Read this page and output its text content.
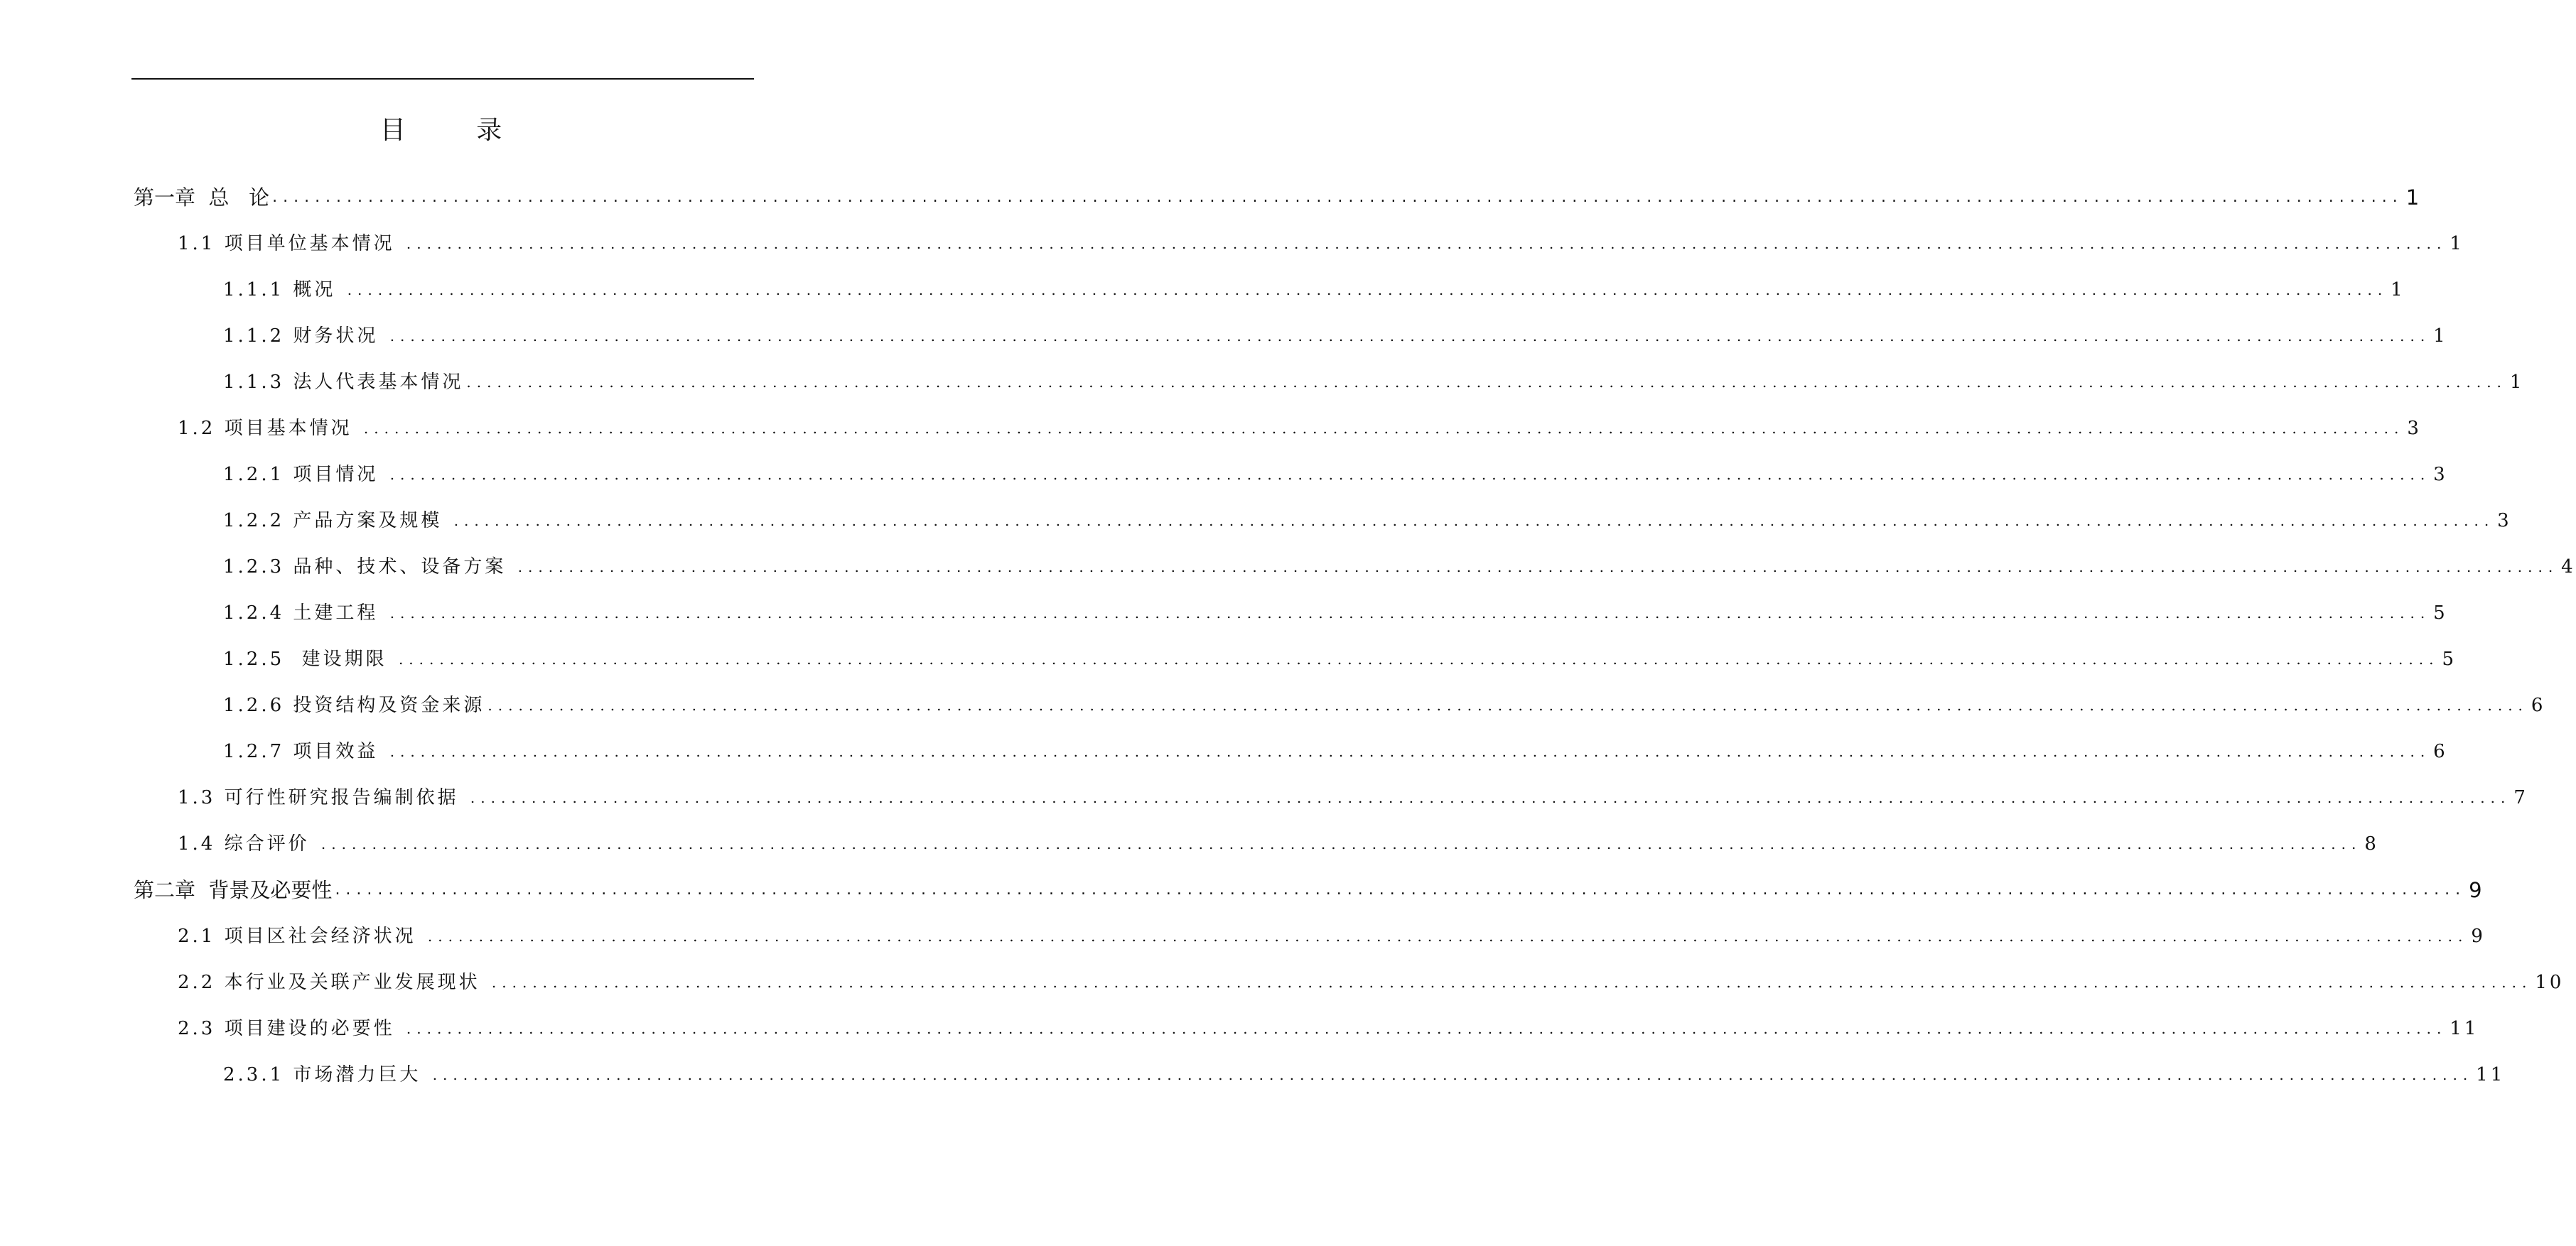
目 录
第一章  总   论 ........................................................................................................................................................................................................ 1
1.1 项目单位基本情况 ........................................................................................................................................................................................................ 1
1.1.1 概况 ........................................................................................................................................................................................................ 1
1.1.2 财务状况 ........................................................................................................................................................................................................ 1
1.1.3 法人代表基本情况 ........................................................................................................................................................................................................ 1
1.2 项目基本情况 ........................................................................................................................................................................................................ 3
1.2.1 项目情况 ........................................................................................................................................................................................................ 3
1.2.2 产品方案及规模 ........................................................................................................................................................................................................ 3
1.2.3 品种、技术、设备方案 ........................................................................................................................................................................................................ 4
1.2.4 土建工程 ........................................................................................................................................................................................................ 5
1.2.5  建设期限 ........................................................................................................................................................................................................ 5
1.2.6 投资结构及资金来源 ........................................................................................................................................................................................................ 6
1.2.7 项目效益 ........................................................................................................................................................................................................ 6
1.3 可行性研究报告编制依据 ........................................................................................................................................................................................................ 7
1.4 综合评价 ........................................................................................................................................................................................................ 8
第二章  背景及必要性 ........................................................................................................................................................................................................ 9
2.1 项目区社会经济状况 ........................................................................................................................................................................................................ 9
2.2 本行业及关联产业发展现状 ........................................................................................................................................................................................................ 10
2.3 项目建设的必要性 ........................................................................................................................................................................................................ 11
2.3.1 市场潜力巨大 ........................................................................................................................................................................................................ 11
